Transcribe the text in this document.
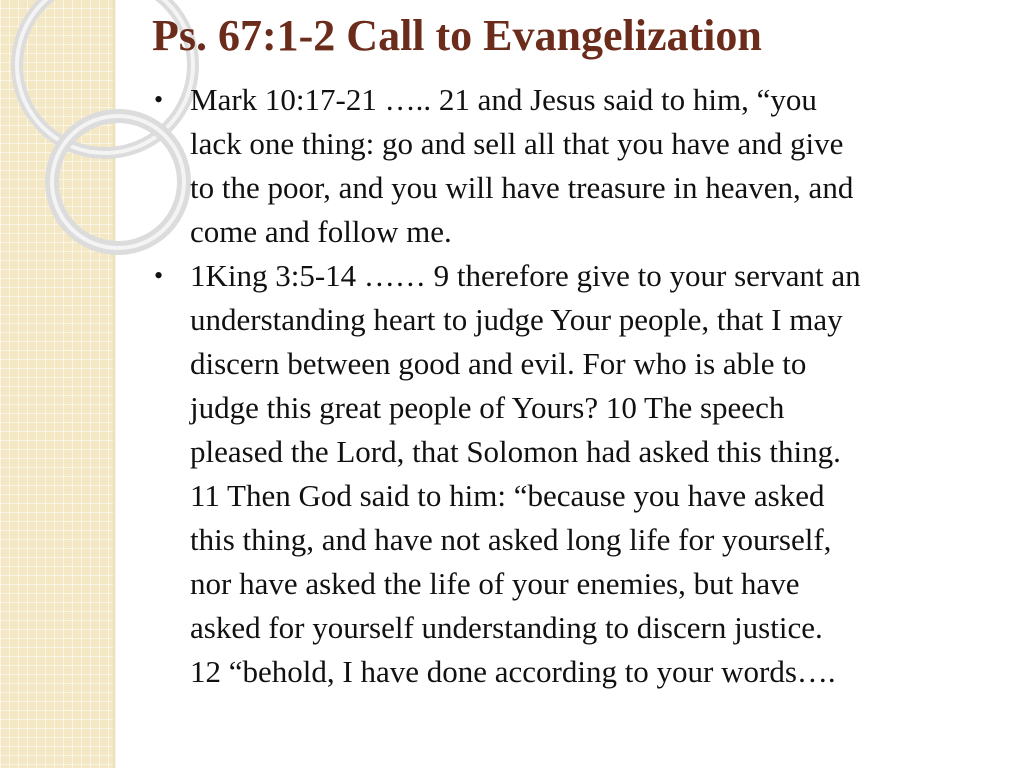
Ps. 67:1-2 Call to Evangelization
• Mark 10:17-21 ….. 21 and Jesus said to him, “you
lack one thing: go and sell all that you have and give
to the poor, and you will have treasure in heaven, and
come and follow me.
• 1King 3:5-14 …… 9 therefore give to your servant an
understanding heart to judge Your people, that I may
discern between good and evil. For who is able to
judge this great people of Yours? 10 The speech
pleased the Lord, that Solomon had asked this thing.
11 Then God said to him: “because you have asked
this thing, and have not asked long life for yourself,
nor have asked the life of your enemies, but have
asked for yourself understanding to discern justice.
12 “behold, I have done according to your words….
